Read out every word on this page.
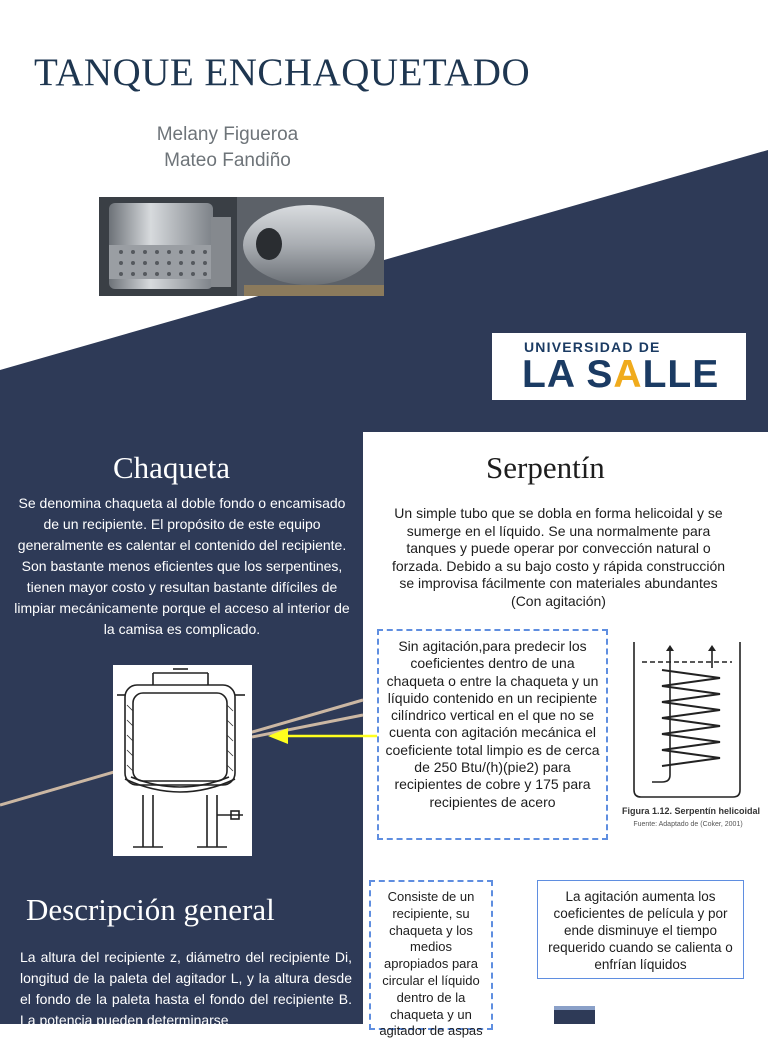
TANQUE ENCHAQUETADO
Melany Figueroa
Mateo Fandiño
UNIVERSIDAD DE
LA SALLE
Chaqueta
Se denomina chaqueta al doble fondo o encamisado de un recipiente. El propósito de este equipo generalmente es calentar el contenido del recipiente. Son bastante menos eficientes que los serpentines, tienen mayor costo y resultan bastante difíciles de limpiar mecánicamente porque el acceso al interior de la camisa es complicado.
Serpentín
Un simple tubo que se dobla en forma helicoidal y se sumerge en el líquido. Se una normalmente para tanques y puede operar por convección natural o forzada. Debido a su bajo costo y rápida construcción se improvisa fácilmente con materiales abundantes (Con agitación)
Sin agitación,para predecir los coeficientes dentro de una chaqueta o entre la chaqueta y un líquido contenido en un recipiente cilíndrico vertical en el que no se cuenta con agitación mecánica el coeficiente total limpio es de cerca de 250 Btu/(h)(pie2) para recipientes de cobre y 175 para recipientes de acero
Figura 1.12. Serpentín helicoidal
Fuente: Adaptado de (Coker, 2001)
Descripción general
La altura del recipiente z, diámetro del recipiente Di, longitud de la paleta del agitador L, y la altura desde el fondo de la paleta hasta el fondo del recipiente B. La potencia pueden determinarse
Consiste de un recipiente, su chaqueta y los medios apropiados para circular el líquido dentro de la chaqueta y un agitador de aspas
La agitación aumenta los coeficientes de película y por ende disminuye el tiempo requerido cuando se calienta o enfrían líquidos
